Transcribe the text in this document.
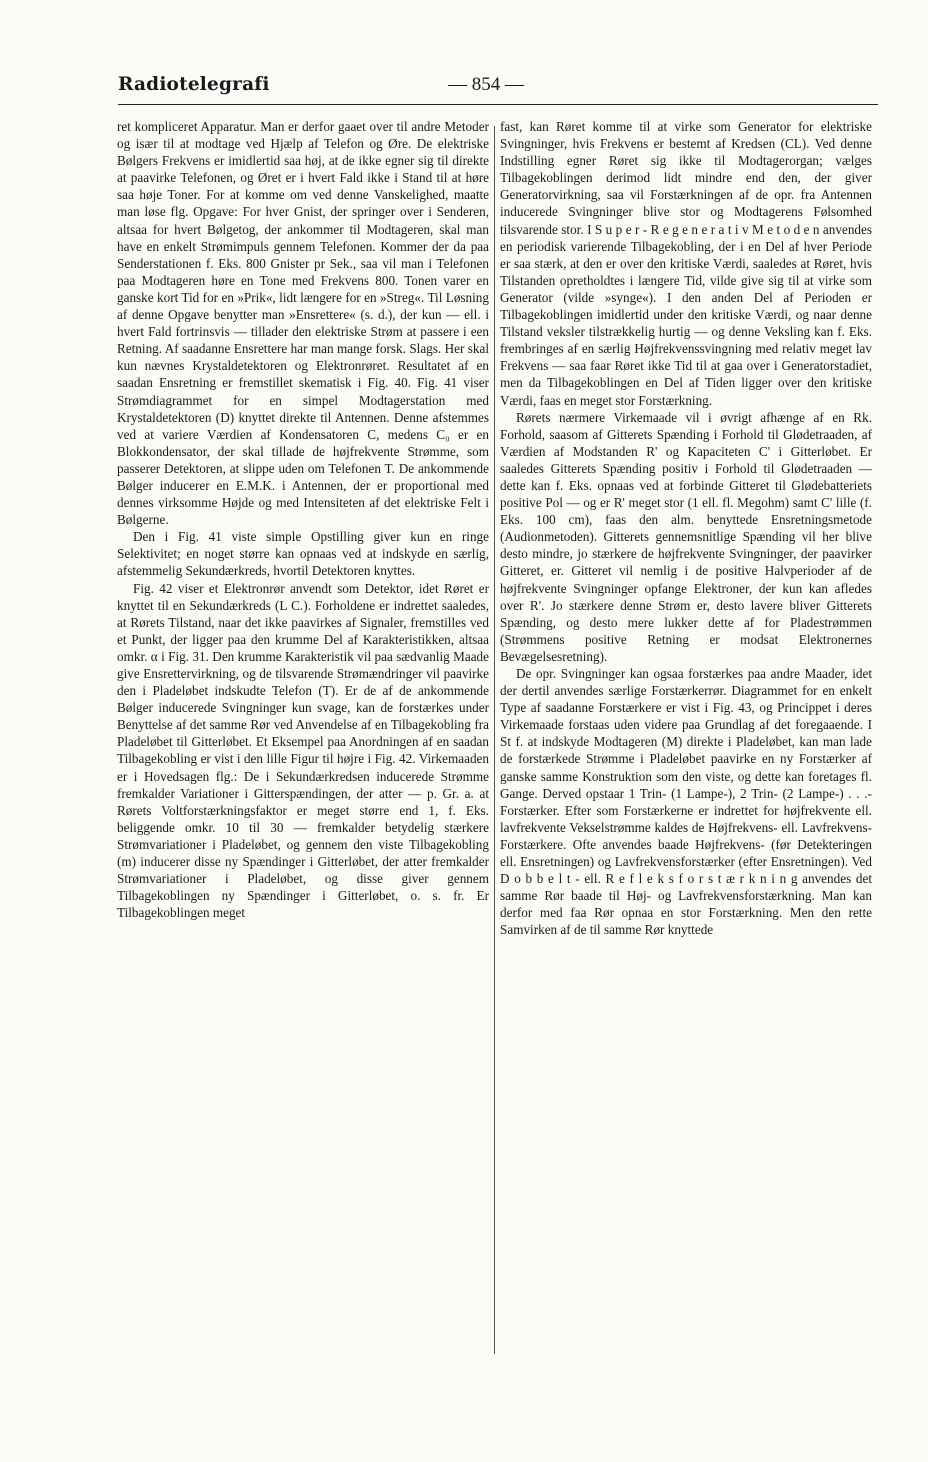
Radiotelegrafi	— 854 —

ret kompliceret Apparatur. Man er derfor gaaet over til andre Metoder og især til at modtage ved Hjælp af Telefon og Øre. De elektriske Bølgers Frekvens er imidlertid saa høj, at de ikke egner sig til direkte at paavirke Telefonen, og Øret er i hvert Fald ikke i Stand til at høre saa høje Toner. For at komme om ved denne Vanskelighed, maatte man løse flg. Opgave: For hver Gnist, der springer over i Senderen, altsaa for hvert Bølgetog, der ankommer til Modtageren, skal man have en enkelt Strømimpuls gennem Telefonen. Kommer der da paa Senderstationen f. Eks. 800 Gnister pr Sek., saa vil man i Telefonen paa Modtageren høre en Tone med Frekvens 800. Tonen varer en ganske kort Tid for en »Prik«, lidt længere for en »Streg«. Til Løsning af denne Opgave benytter man »Ensrettere« (s. d.), der kun — ell. i hvert Fald fortrinsvis — tillader den elektriske Strøm at passere i een Retning. Af saadanne Ensrettere har man mange forsk. Slags. Her skal kun nævnes Krystaldetektoren og Elektronrøret. Resultatet af en saadan Ensretning er fremstillet skematisk i Fig. 40. Fig. 41 viser Strømdiagrammet for en simpel Modtagerstation med Krystaldetektoren (D) knyttet direkte til Antennen. Denne afstemmes ved at variere Værdien af Kondensatoren C, medens C₀ er en Blokkondensator, der skal tillade de højfrekvente Strømme, som passerer Detektoren, at slippe uden om Telefonen T. De ankommende Bølger inducerer en E.M.K. i Antennen, der er proportional med dennes virksomme Højde og med Intensiteten af det elektriske Felt i Bølgerne.

Den i Fig. 41 viste simple Opstilling giver kun en ringe Selektivitet; en noget større kan opnaas ved at indskyde en særlig, afstemmelig Sekundærkreds, hvortil Detektoren knyttes.

Fig. 42 viser et Elektronrør anvendt som Detektor, idet Røret er knyttet til en Sekundærkreds (L C.). Forholdene er indrettet saaledes, at Rørets Tilstand, naar det ikke paavirkes af Signaler, fremstilles ved et Punkt, der ligger paa den krumme Del af Karakteristikken, altsaa omkr. α i Fig. 31. Den krumme Karakteristik vil paa sædvanlig Maade give Ensrettervirkning, og de tilsvarende Strømændringer vil paavirke den i Pladeløbet indskudte Telefon (T). Er de af de ankommende Bølger inducerede Svingninger kun svage, kan de forstærkes under Benyttelse af det samme Rør ved Anvendelse af en Tilbagekobling fra Pladeløbet til Gitterløbet. Et Eksempel paa Anordningen af en saadan Tilbagekobling er vist i den lille Figur til højre i Fig. 42. Virkemaaden er i Hovedsagen flg.: De i Sekundærkredsen inducerede Strømme fremkalder Variationer i Gitterspændingen, der atter — p. Gr. a. at Rørets Voltforstærkningsfaktor er meget større end 1, f. Eks. beliggende omkr. 10 til 30 — fremkalder betydelig stærkere Strømvariationer i Pladeløbet, og gennem den viste Tilbagekobling (m) inducerer disse ny Spændinger i Gitterløbet, der atter fremkalder Strømvariationer i Pladeløbet, og disse giver gennem Tilbagekoblingen ny Spændinger i Gitterløbet, o. s. fr. Er Tilbagekoblingen meget

fast, kan Røret komme til at virke som Generator for elektriske Svingninger, hvis Frekvens er bestemt af Kredsen (CL). Ved denne Indstilling egner Røret sig ikke til Modtagerorgan; vælges Tilbagekoblingen derimod lidt mindre end den, der giver Generatorvirkning, saa vil Forstærkningen af de opr. fra Antennen inducerede Svingninger blive stor og Modtagerens Følsomhed tilsvarende stor. I S u p e r - R e g e n e r a t i v M e t o d e n anvendes en periodisk varierende Tilbagekobling, der i en Del af hver Periode er saa stærk, at den er over den kritiske Værdi, saaledes at Røret, hvis Tilstanden opretholdtes i længere Tid, vilde give sig til at virke som Generator (vilde »synge«). I den anden Del af Perioden er Tilbagekoblingen imidlertid under den kritiske Værdi, og naar denne Tilstand veksler tilstrækkelig hurtig — og denne Veksling kan f. Eks. frembringes af en særlig Højfrekvenssvingning med relativ meget lav Frekvens — saa faar Røret ikke Tid til at gaa over i Generatorstadiet, men da Tilbagekoblingen en Del af Tiden ligger over den kritiske Værdi, faas en meget stor Forstærkning.

Rørets nærmere Virkemaade vil i øvrigt afhænge af en Rk. Forhold, saasom af Gitterets Spænding i Forhold til Glødetraaden, af Værdien af Modstanden R' og Kapaciteten C' i Gitterløbet. Er saaledes Gitterets Spænding positiv i Forhold til Glødetraaden — dette kan f. Eks. opnaas ved at forbinde Gitteret til Glødebatteriets positive Pol — og er R' meget stor (1 ell. fl. Megohm) samt C' lille (f. Eks. 100 cm), faas den alm. benyttede Ensretningsmetode (Audionmetoden). Gitterets gennemsnitlige Spænding vil her blive desto mindre, jo stærkere de højfrekvente Svingninger, der paavirker Gitteret, er. Gitteret vil nemlig i de positive Halvperioder af de højfrekvente Svingninger opfange Elektroner, der kun kan afledes over R'. Jo stærkere denne Strøm er, desto lavere bliver Gitterets Spænding, og desto mere lukker dette af for Pladestrømmen (Strømmens positive Retning er modsat Elektronernes Bevægelsesretning).

De opr. Svingninger kan ogsaa forstærkes paa andre Maader, idet der dertil anvendes særlige Forstærkerrør. Diagrammet for en enkelt Type af saadanne Forstærkere er vist i Fig. 43, og Princippet i deres Virkemaade forstaas uden videre paa Grundlag af det foregaaende. I St f. at indskyde Modtageren (M) direkte i Pladeløbet, kan man lade de forstærkede Strømme i Pladeløbet paavirke en ny Forstærker af ganske samme Konstruktion som den viste, og dette kan foretages fl. Gange. Derved opstaar 1 Trin- (1 Lampe-), 2 Trin- (2 Lampe-) . . .- Forstærker. Efter som Forstærkerne er indrettet for højfrekvente ell. lavfrekvente Vekselstrømme kaldes de Højfrekvens- ell. Lavfrekvens-Forstærkere. Ofte anvendes baade Højfrekvens- (før Detekteringen ell. Ensretningen) og Lavfrekvensforstærker (efter Ensretningen). Ved D o b b e l t - ell. R e f l e k s f o r s t æ r k n i n g anvendes det samme Rør baade til Høj- og Lavfrekvensforstærkning. Man kan derfor med faa Rør opnaa en stor Forstærkning. Men den rette Samvirken af de til samme Rør knyttede
